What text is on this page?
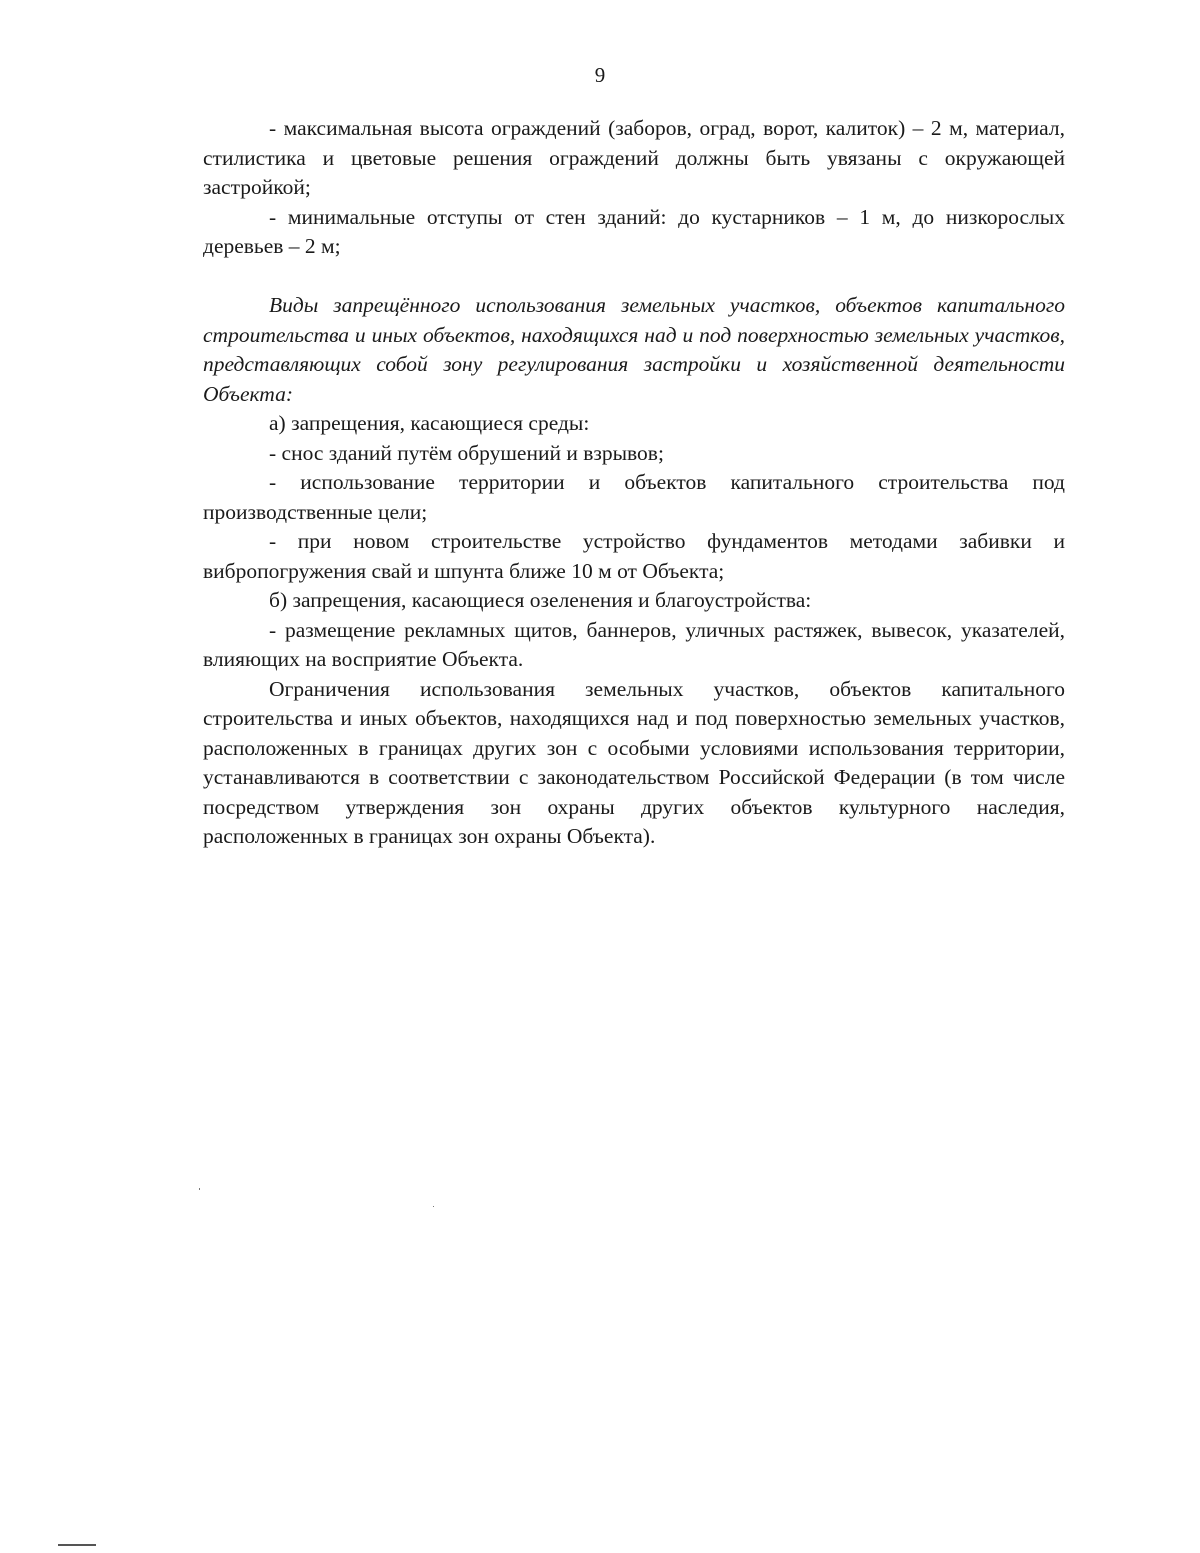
9

- максимальная высота ограждений (заборов, оград, ворот, калиток) – 2 м, материал, стилистика и цветовые решения ограждений должны быть увязаны с окружающей застройкой;

- минимальные отступы от стен зданий: до кустарников – 1 м, до низкорослых деревьев – 2 м;

Виды запрещённого использования земельных участков, объектов капитального строительства и иных объектов, находящихся над и под поверхностью земельных участков, представляющих собой зону регулирования застройки и хозяйственной деятельности Объекта:

а) запрещения, касающиеся среды:

- снос зданий путём обрушений и взрывов;

- использование территории и объектов капитального строительства под производственные цели;

- при новом строительстве устройство фундаментов методами забивки и вибропогружения свай и шпунта ближе 10 м от Объекта;

б) запрещения, касающиеся озеленения и благоустройства:

- размещение рекламных щитов, баннеров, уличных растяжек, вывесок, указателей, влияющих на восприятие Объекта.

Ограничения использования земельных участков, объектов капитального строительства и иных объектов, находящихся над и под поверхностью земельных участков, расположенных в границах других зон с особыми условиями использования территории, устанавливаются в соответствии с законодательством Российской Федерации (в том числе посредством утверждения зон охраны других объектов культурного наследия, расположенных в границах зон охраны Объекта).
